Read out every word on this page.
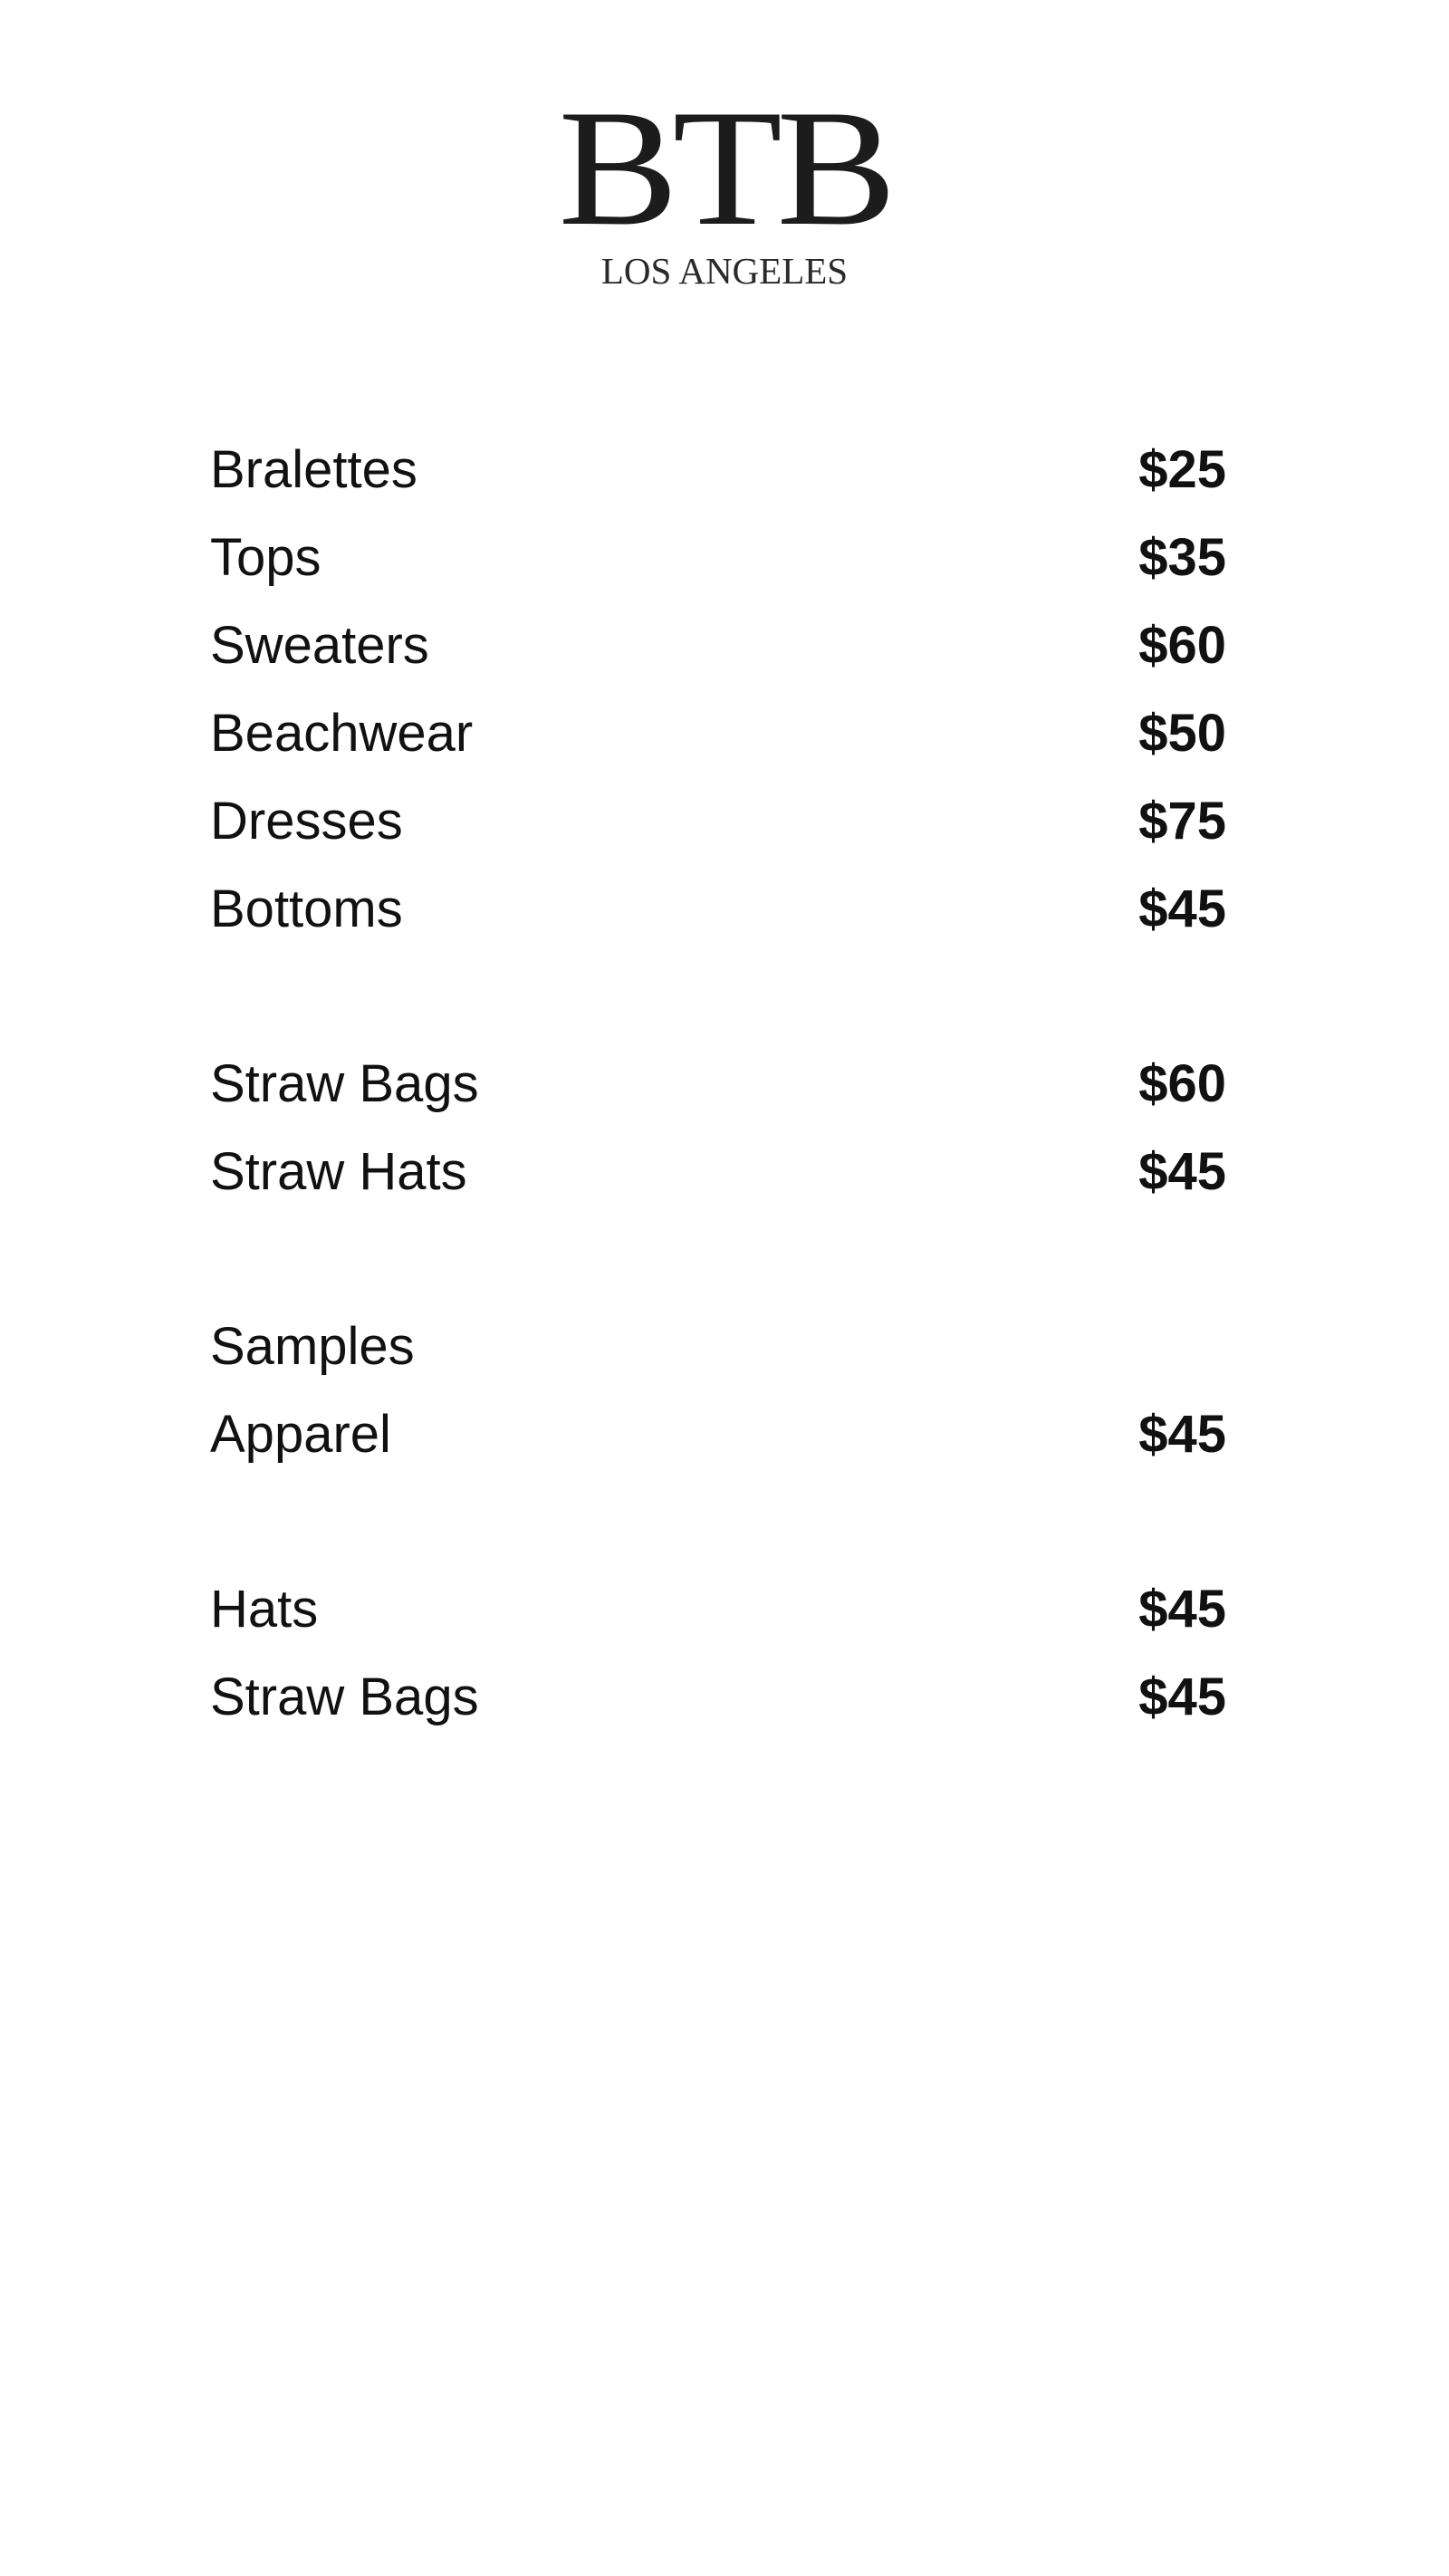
BTB
LOS ANGELES
Bralettes	$25
Tops	$35
Sweaters	$60
Beachwear	$50
Dresses	$75
Bottoms	$45
Straw Bags	$60
Straw Hats	$45
Samples
Apparel	$45
Hats	$45
Straw Bags	$45
